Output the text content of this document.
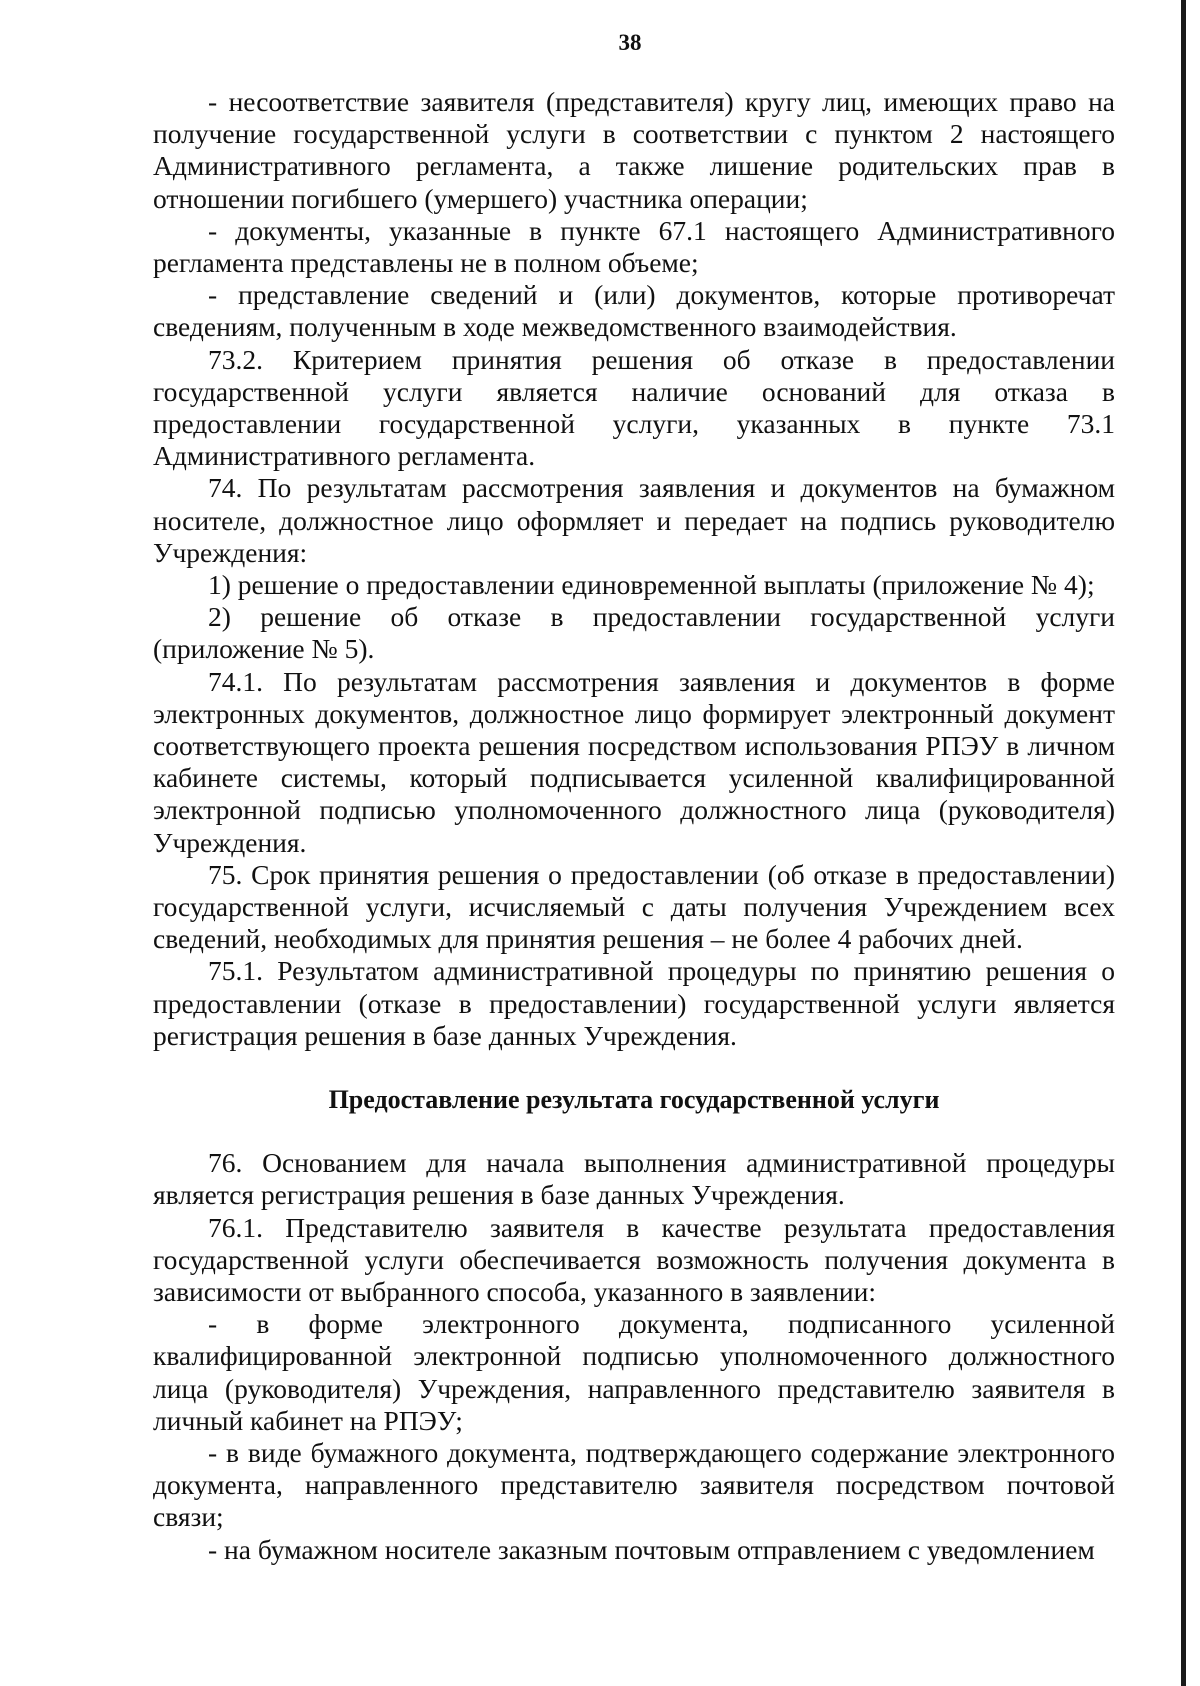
38

- несоответствие заявителя (представителя) кругу лиц, имеющих право на получение государственной услуги в соответствии с пунктом 2 настоящего Административного регламента, а также лишение родительских прав в отношении погибшего (умершего) участника операции;

- документы, указанные в пункте 67.1 настоящего Административного регламента представлены не в полном объеме;

- представление сведений и (или) документов, которые противоречат сведениям, полученным в ходе межведомственного взаимодействия.

73.2. Критерием принятия решения об отказе в предоставлении государственной услуги является наличие оснований для отказа в предоставлении государственной услуги, указанных в пункте 73.1 Административного регламента.

74. По результатам рассмотрения заявления и документов на бумажном носителе, должностное лицо оформляет и передает на подпись руководителю Учреждения:

1) решение о предоставлении единовременной выплаты (приложение № 4);

2) решение об отказе в предоставлении государственной услуги (приложение № 5).

74.1. По результатам рассмотрения заявления и документов в форме электронных документов, должностное лицо формирует электронный документ соответствующего проекта решения посредством использования РПЭУ в личном кабинете системы, который подписывается усиленной квалифицированной электронной подписью уполномоченного должностного лица (руководителя) Учреждения.

75. Срок принятия решения о предоставлении (об отказе в предоставлении) государственной услуги, исчисляемый с даты получения Учреждением всех сведений, необходимых для принятия решения – не более 4 рабочих дней.

75.1. Результатом административной процедуры по принятию решения о предоставлении (отказе в предоставлении) государственной услуги является регистрация решения в базе данных Учреждения.

Предоставление результата государственной услуги

76. Основанием для начала выполнения административной процедуры является регистрация решения в базе данных Учреждения.

76.1. Представителю заявителя в качестве результата предоставления государственной услуги обеспечивается возможность получения документа в зависимости от выбранного способа, указанного в заявлении:

- в форме электронного документа, подписанного усиленной квалифицированной электронной подписью уполномоченного должностного лица (руководителя) Учреждения, направленного представителю заявителя в личный кабинет на РПЭУ;

- в виде бумажного документа, подтверждающего содержание электронного документа, направленного представителю заявителя посредством почтовой связи;

- на бумажном носителе заказным почтовым отправлением с уведомлением
